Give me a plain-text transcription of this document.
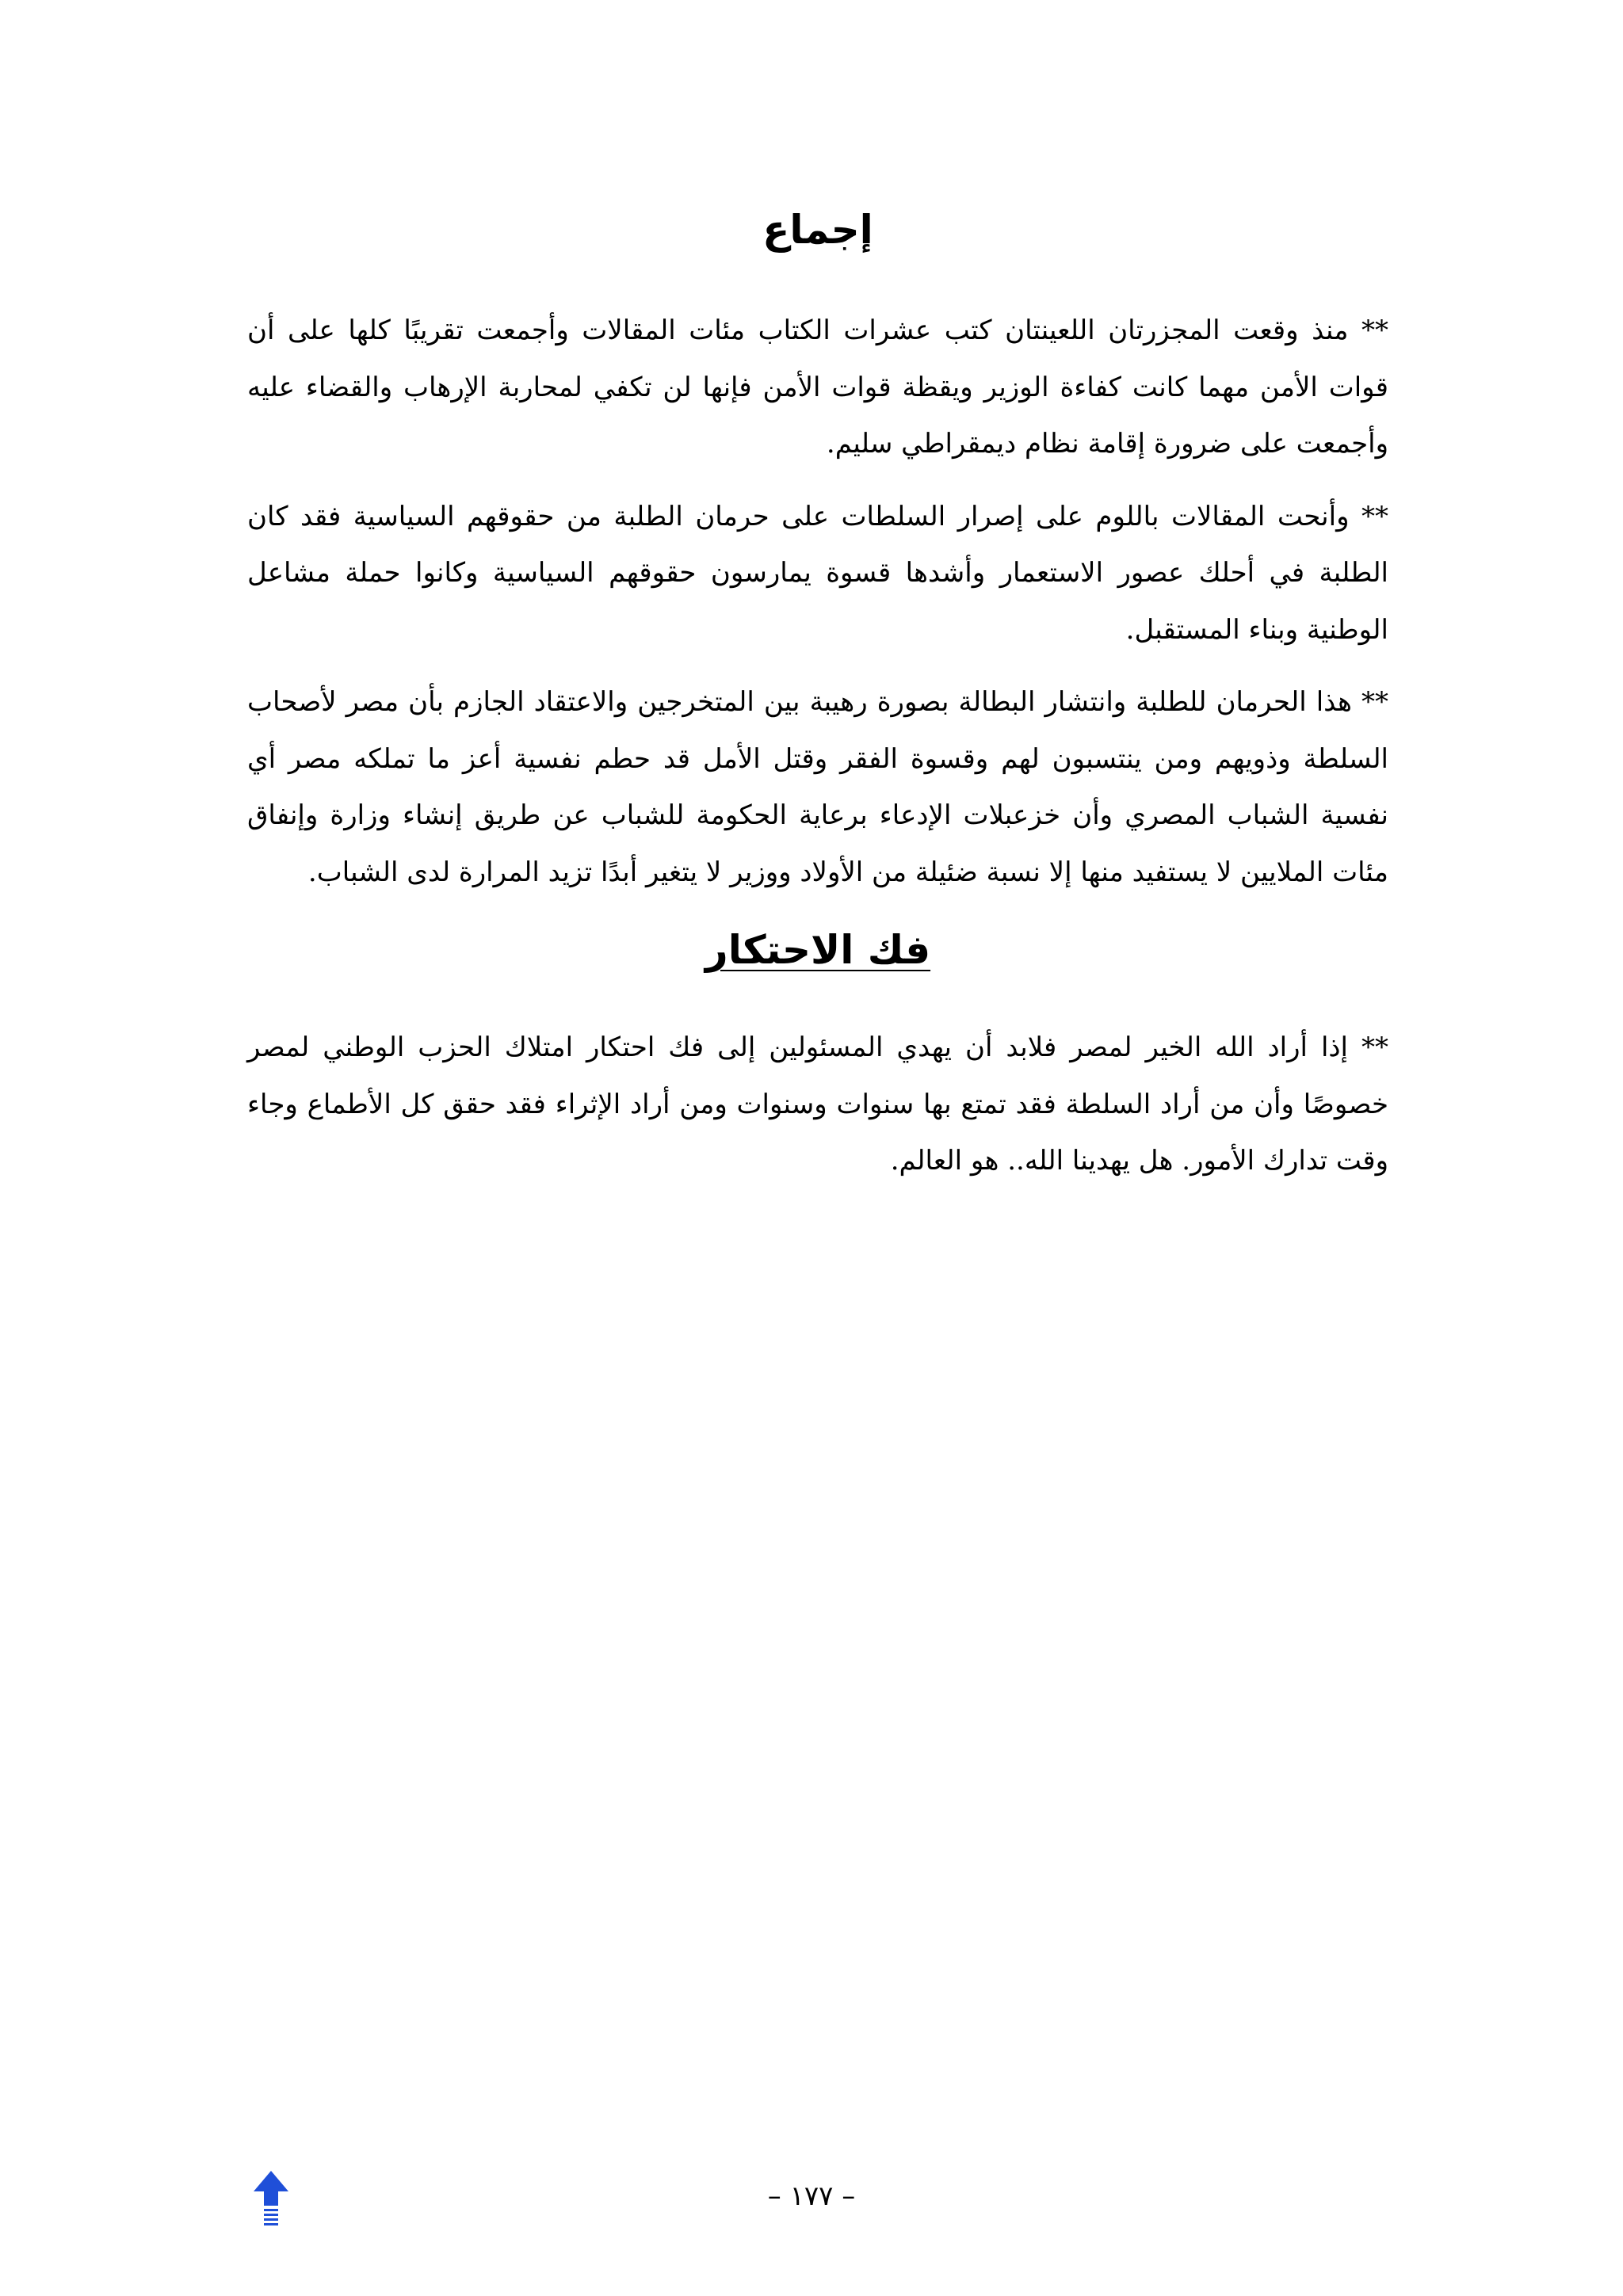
إجماع

** منذ وقعت المجزرتان اللعينتان كتب عشرات الكتاب مئات المقالات وأجمعت تقريبًا كلها على أن قوات الأمن مهما كانت كفاءة الوزير ويقظة قوات الأمن فإنها لن تكفي لمحاربة الإرهاب والقضاء عليه وأجمعت على ضرورة إقامة نظام ديمقراطي سليم.

** وأنحت المقالات باللوم على إصرار السلطات على حرمان الطلبة من حقوقهم السياسية فقد كان الطلبة في أحلك عصور الاستعمار وأشدها قسوة يمارسون حقوقهم السياسية وكانوا حملة مشاعل الوطنية وبناء المستقبل.

** هذا الحرمان للطلبة وانتشار البطالة بصورة رهيبة بين المتخرجين والاعتقاد الجازم بأن مصر لأصحاب السلطة وذويهم ومن ينتسبون لهم وقسوة الفقر وقتل الأمل قد حطم نفسية أعز ما تملكه مصر أي نفسية الشباب المصري وأن خزعبلات الإدعاء برعاية الحكومة للشباب عن طريق إنشاء وزارة وإنفاق مئات الملايين لا يستفيد منها إلا نسبة ضئيلة من الأولاد ووزير لا يتغير أبدًا تزيد المرارة لدى الشباب.

فك الاحتكار

** إذا أراد الله الخير لمصر فلابد أن يهدي المسئولين إلى فك احتكار امتلاك الحزب الوطني لمصر خصوصًا وأن من أراد السلطة فقد تمتع بها سنوات وسنوات ومن أراد الإثراء فقد حقق كل الأطماع وجاء وقت تدارك الأمور. هل يهدينا الله.. هو العالم.

– ١٧٧ –
